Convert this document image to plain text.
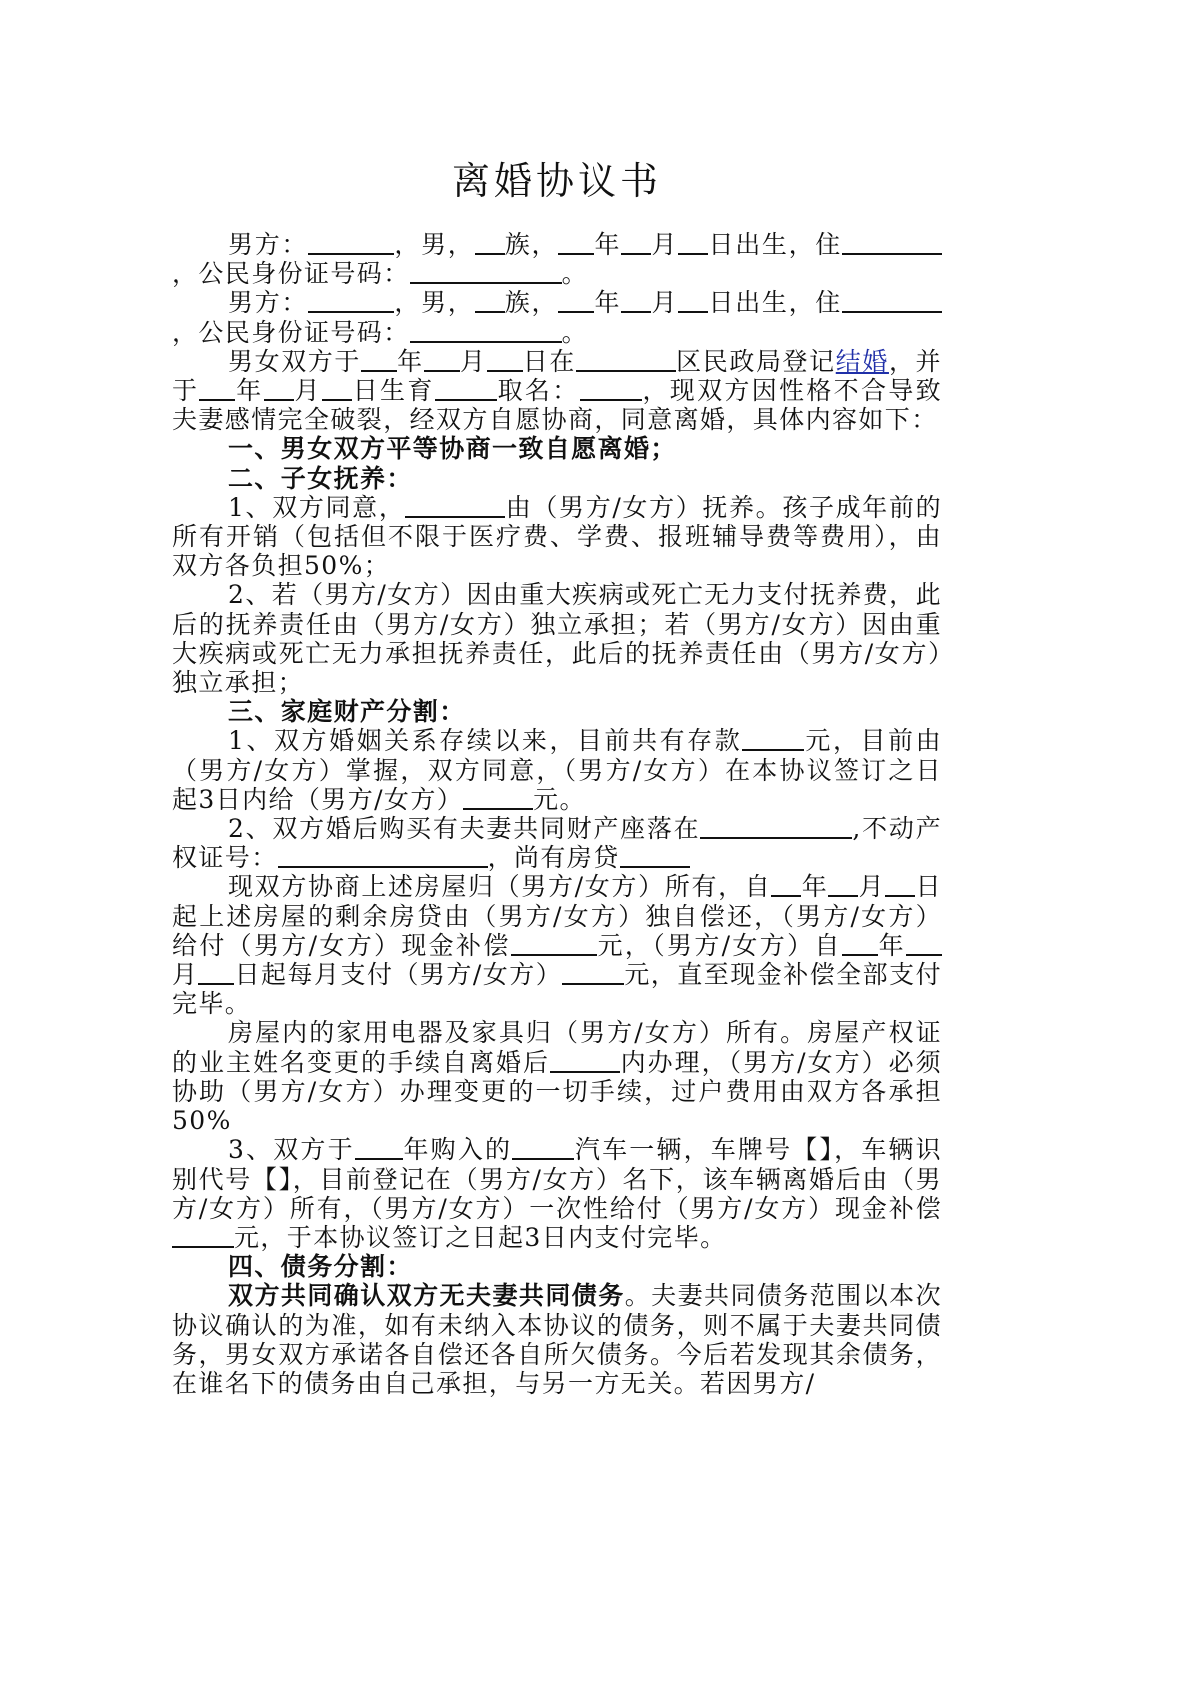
离婚协议书

男方：	，男， 族， 年 月 日出生，住，公民身份证号码：	。

男方：	，男， 族， 年 月 日出生，住，公民身份证号码：	。

男女双方于 年 月 日在	区民政局登记结婚，并于 年 月 日生育 取名： ，现双方因性格不合导致夫妻感情完全破裂，经双方自愿协商，同意离婚，具体内容如下：

一、男女双方平等协商一致自愿离婚；

二、子女抚养：

1、双方同意，	由（男方/女方）抚养。孩子成年前的所有开销（包括但不限于医疗费、学费、报班辅导费等费用），由双方各负担50%；

2、若（男方/女方）因由重大疾病或死亡无力支付抚养费，此后的抚养责任由（男方/女方）独立承担；若（男方/女方）因由重大疾病或死亡无力承担抚养责任，此后的抚养责任由（男方/女方）独立承担；

三、家庭财产分割：

1、双方婚姻关系存续以来，目前共有存款 元，目前由（男方/女方）掌握，双方同意，（男方/女方）在本协议签订之日起3日内给（男方/女方）	元。

2、双方婚后购买有夫妻共同财产座落在	,不动产权证号：	，尚有房贷

现双方协商上述房屋归（男方/女方）所有，自 年 月 日起上述房屋的剩余房贷由（男方/女方）独自偿还，（男方/女方）给付（男方/女方）现金补偿	元，（男方/女方）自 年月 日起每月支付（男方/女方） 元，直至现金补偿全部支付完毕。

房屋内的家用电器及家具归（男方/女方）所有。房屋产权证的业主姓名变更的手续自离婚后	内办理，（男方/女方）必须协助（男方/女方）办理变更的一切手续，过户费用由双方各承担50%

3、双方于 年购入的 汽车一辆，车牌号【】，车辆识别代号【】，目前登记在（男方/女方）名下，该车辆离婚后由（男方/女方）所有，（男方/女方）一次性给付（男方/女方）现金补偿元，于本协议签订之日起3日内支付完毕。

四、债务分割：

双方共同确认双方无夫妻共同债务。夫妻共同债务范围以本次协议确认的为准，如有未纳入本协议的债务，则不属于夫妻共同债务，男女双方承诺各自偿还各自所欠债务。今后若发现其余债务，在谁名下的债务由自己承担，与另一方无关。若因男方/
